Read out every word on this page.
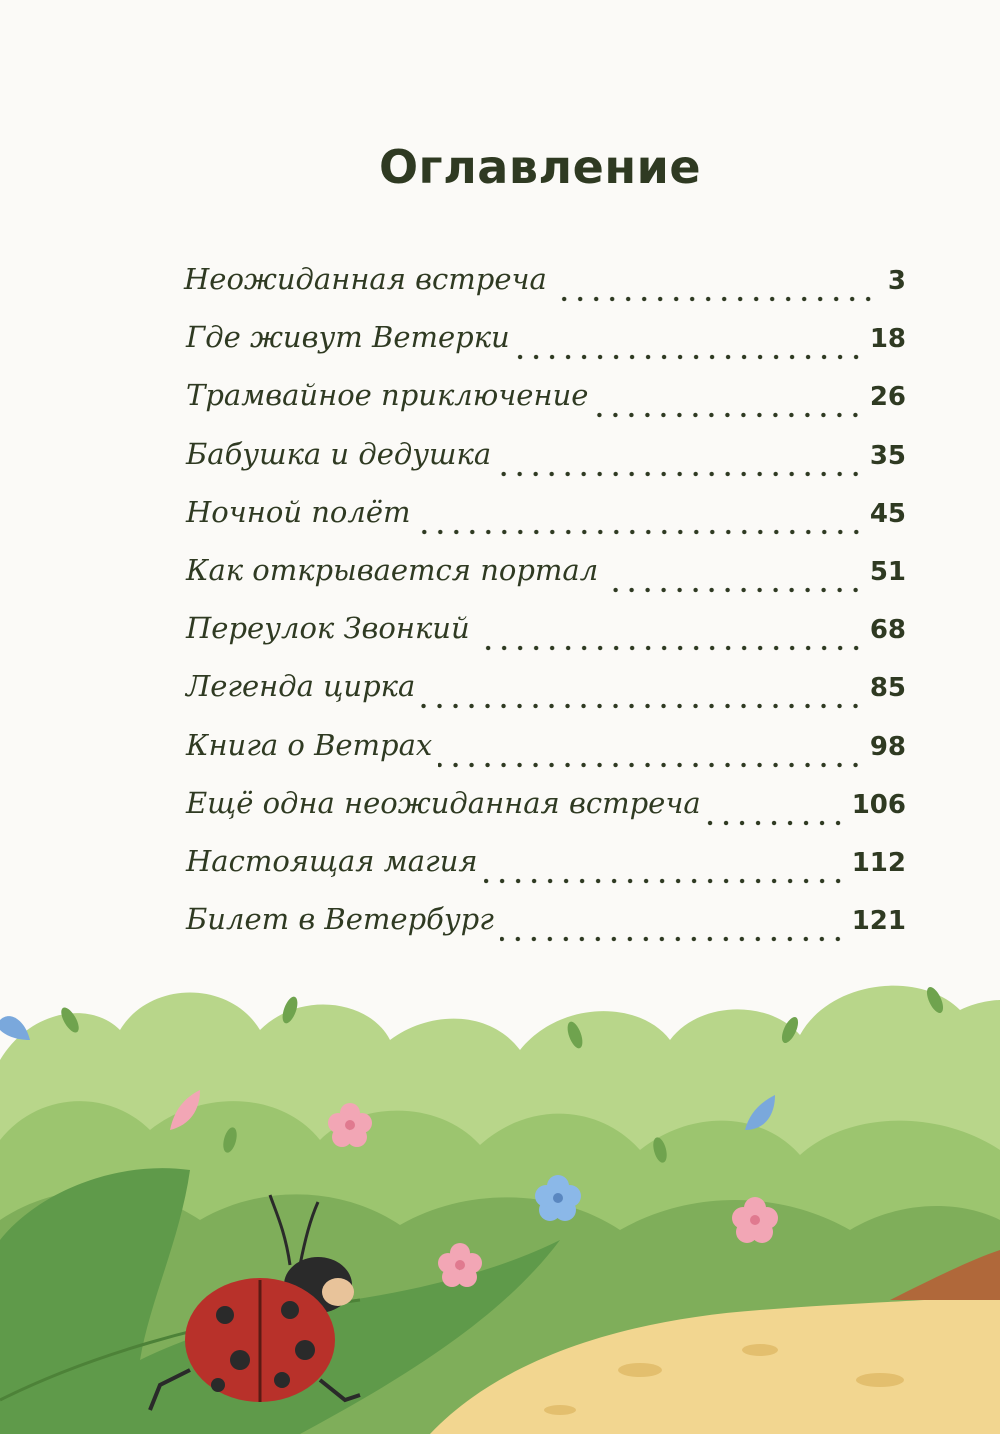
Оглавление
Неожиданная встреча	3
Где живут Ветерки	18
Трамвайное приключение	26
Бабушка и дедушка	35
Ночной полёт	45
Как открывается портал	51
Переулок Звонкий	68
Легенда цирка	85
Книга о Ветрах	98
Ещё одна неожиданная встреча	106
Настоящая магия	112
Билет в Ветербург	121
